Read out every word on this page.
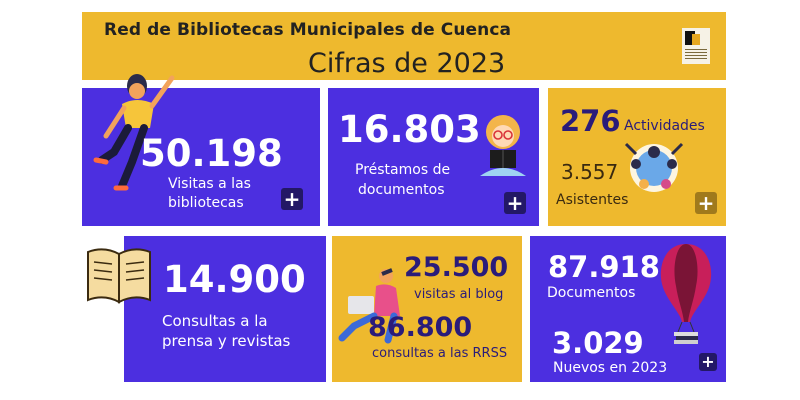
Red de Bibliotecas Municipales de Cuenca
Cifras de 2023
50.198
Visitas a las
bibliotecas +
16.803
Préstamos de
documentos
+
276 Actividades
3.557
Asistentes	+
14.900
Consultas a la
prensa y revistas
25.500
visitas al blog
86.800
consultas a las RRSS
87.918
Documentos
3.029
Nuevos en 2023 +
